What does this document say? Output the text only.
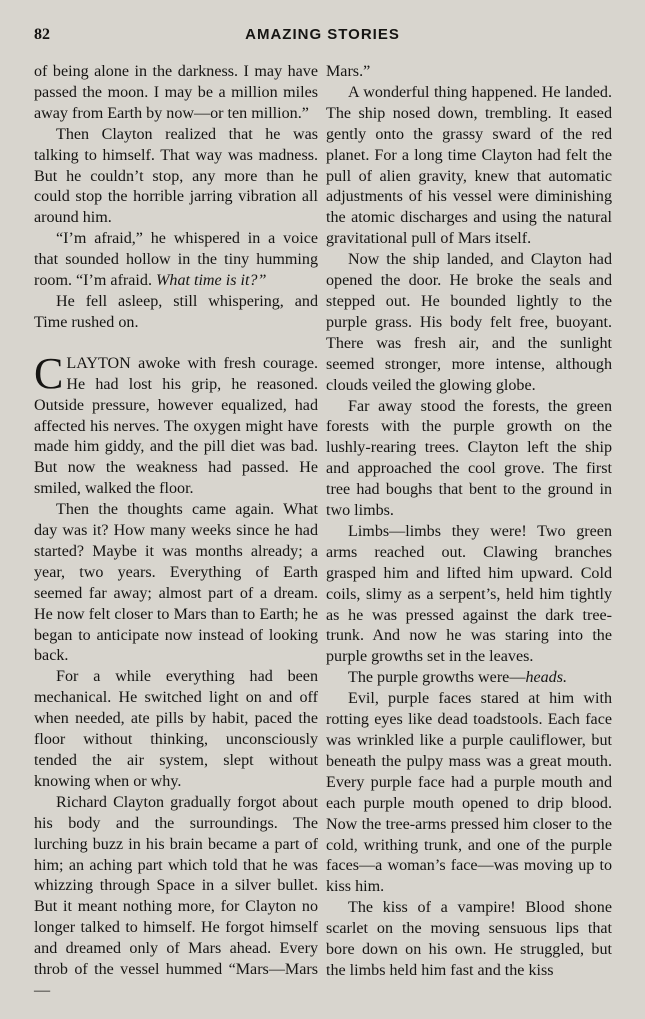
82	AMAZING STORIES

of being alone in the darkness. I may have passed the moon. I may be a million miles away from Earth by now—or ten million.”

Then Clayton realized that he was talking to himself. That way was madness. But he couldn’t stop, any more than he could stop the horrible jarring vibration all around him.

“I’m afraid,” he whispered in a voice that sounded hollow in the tiny humming room. “I’m afraid. What time is it?”

He fell asleep, still whispering, and Time rushed on.

CLAYTON awoke with fresh courage. He had lost his grip, he reasoned. Outside pressure, however equalized, had affected his nerves. The oxygen might have made him giddy, and the pill diet was bad. But now the weakness had passed. He smiled, walked the floor.

Then the thoughts came again. What day was it? How many weeks since he had started? Maybe it was months already; a year, two years. Everything of Earth seemed far away; almost part of a dream. He now felt closer to Mars than to Earth; he began to anticipate now instead of looking back.

For a while everything had been mechanical. He switched light on and off when needed, ate pills by habit, paced the floor without thinking, unconsciously tended the air system, slept without knowing when or why.

Richard Clayton gradually forgot about his body and the surroundings. The lurching buzz in his brain became a part of him; an aching part which told that he was whizzing through Space in a silver bullet. But it meant nothing more, for Clayton no longer talked to himself. He forgot himself and dreamed only of Mars ahead. Every throb of the vessel hummed “Mars—Mars—

Mars.”

A wonderful thing happened. He landed. The ship nosed down, trembling. It eased gently onto the grassy sward of the red planet. For a long time Clayton had felt the pull of alien gravity, knew that automatic adjustments of his vessel were diminishing the atomic discharges and using the natural gravitational pull of Mars itself.

Now the ship landed, and Clayton had opened the door. He broke the seals and stepped out. He bounded lightly to the purple grass. His body felt free, buoyant. There was fresh air, and the sunlight seemed stronger, more intense, although clouds veiled the glowing globe.

Far away stood the forests, the green forests with the purple growth on the lushly-rearing trees. Clayton left the ship and approached the cool grove. The first tree had boughs that bent to the ground in two limbs.

Limbs—limbs they were! Two green arms reached out. Clawing branches grasped him and lifted him upward. Cold coils, slimy as a serpent’s, held him tightly as he was pressed against the dark tree-trunk. And now he was staring into the purple growths set in the leaves.

The purple growths were—heads.

Evil, purple faces stared at him with rotting eyes like dead toadstools. Each face was wrinkled like a purple cauliflower, but beneath the pulpy mass was a great mouth. Every purple face had a purple mouth and each purple mouth opened to drip blood. Now the tree-arms pressed him closer to the cold, writhing trunk, and one of the purple faces—a woman’s face—was moving up to kiss him.

The kiss of a vampire! Blood shone scarlet on the moving sensuous lips that bore down on his own. He struggled, but the limbs held him fast and the kiss
